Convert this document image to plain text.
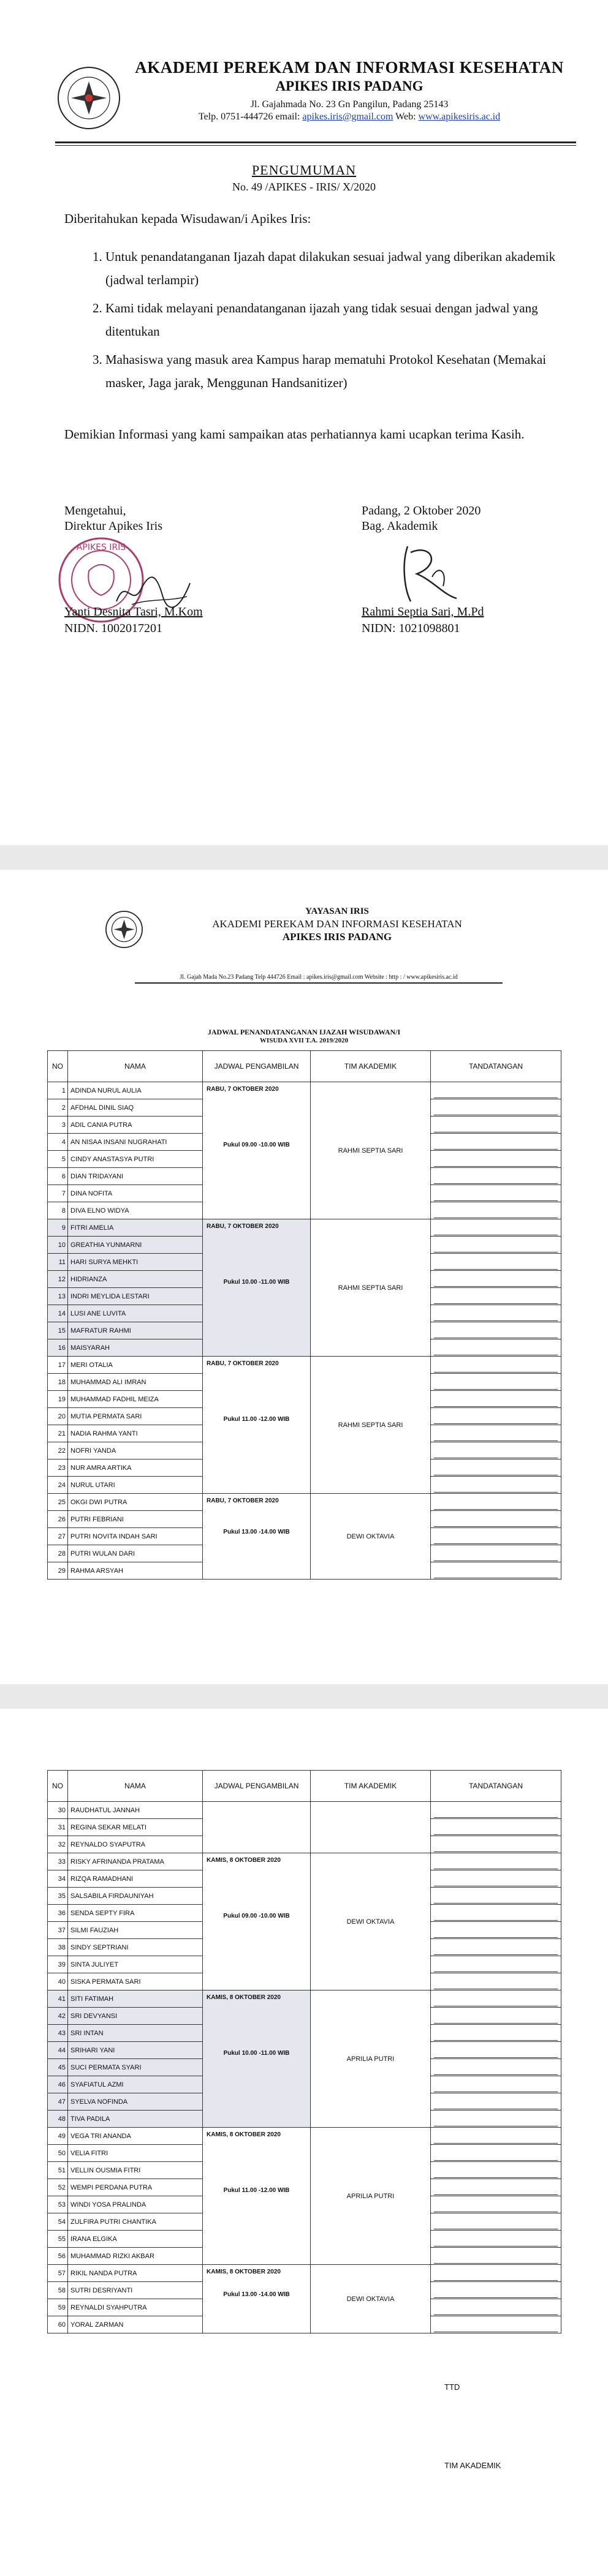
AKADEMI PEREKAM DAN INFORMASI KESEHATAN
APIKES IRIS PADANG
Jl. Gajahmada No. 23 Gn Pangilun, Padang 25143
Telp. 0751-444726 email: apikes.iris@gmail.com Web: www.apikesiris.ac.id
PENGUMUMAN
No. 49 /APIKES - IRIS/ X/2020
Diberitahukan kepada Wisudawan/i Apikes Iris:
1. Untuk penandatanganan Ijazah dapat dilakukan sesuai jadwal yang diberikan akademik (jadwal terlampir)
2. Kami tidak melayani penandatanganan ijazah yang tidak sesuai dengan jadwal yang ditentukan
3. Mahasiswa yang masuk area Kampus harap mematuhi Protokol Kesehatan (Memakai masker, Jaga jarak, Menggunan Handsanitizer)
Demikian Informasi yang kami sampaikan atas perhatiannya kami ucapkan terima Kasih.
Mengetahui,
Direktur Apikes Iris
APIKES IRIS
Yanti Desnita Tasri, M.Kom
NIDN. 1002017201
Padang, 2 Oktober 2020
Bag. Akademik
Rahmi Septia Sari, M.Pd
NIDN: 1021098801
YAYASAN IRIS
AKADEMI PEREKAM DAN INFORMASI KESEHATAN
APIKES IRIS PADANG
Jl. Gajah Mada No.23 Padang Telp 444726 Email : apikes.iris@gmail.com Website : http : / www.apikesiris.ac.id
JADWAL PENANDATANGANAN IJAZAH WISUDAWAN/I
WISUDA XVII T.A. 2019/2020
NO	NAMA	JADWAL PENGAMBILAN	TIM AKADEMIK	TANDATANGAN
1	ADINDA NURUL AULIA	RABU, 7 OKTOBER 2020
Pukul 09.00 -10.00 WIB	RAHMI SEPTIA SARI	

2	AFDHAL DINIL SIAQ			

3	ADIL CANIA PUTRA			

4	AN NISAA INSANI NUGRAHATI			

5	CINDY ANASTASYA PUTRI			

6	DIAN TRIDAYANI			

7	DINA NOFITA			

8	DIVA ELNO WIDYA			

9	FITRI AMELIA	RABU, 7 OKTOBER 2020
Pukul 10.00 -11.00 WIB	RAHMI SEPTIA SARI	

10	GREATHIA YUNMARNI			

11	HARI SURYA MEHKTI			

12	HIDRIANZA			

13	INDRI MEYLIDA LESTARI			

14	LUSI ANE LUVITA			

15	MAFRATUR RAHMI			

16	MAISYARAH			

17	MERI OTALIA	RABU, 7 OKTOBER 2020
Pukul 11.00 -12.00 WIB	RAHMI SEPTIA SARI	

18	MUHAMMAD ALI IMRAN			

19	MUHAMMAD FADHIL MEIZA			

20	MUTIA PERMATA SARI			

21	NADIA RAHMA YANTI			

22	NOFRI YANDA			

23	NUR AMRA ARTIKA			

24	NURUL UTARI			

25	OKGI DWI PUTRA	RABU, 7 OKTOBER 2020
Pukul 13.00 -14.00 WIB	DEWI OKTAVIA	

26	PUTRI FEBRIANI			

27	PUTRI NOVITA INDAH SARI			

28	PUTRI WULAN DARI			

29	RAHMA ARSYAH			
NO	NAMA	JADWAL PENGAMBILAN	TIM AKADEMIK	TANDATANGAN
30	RAUDHATUL JANNAH	

31	REGINA SEKAR MELATI			

32	REYNALDO SYAPUTRA			

33	RISKY AFRINANDA PRATAMA	KAMIS, 8 OKTOBER 2020
Pukul 09.00 -10.00 WIB	DEWI OKTAVIA	

34	RIZQA RAMADHANI			

35	SALSABILA FIRDAUNIYAH			

36	SENDA SEPTY FIRA			

37	SILMI FAUZIAH			

38	SINDY SEPTRIANI			

39	SINTA JULIYET			

40	SISKA PERMATA SARI			

41	SITI FATIMAH	KAMIS, 8 OKTOBER 2020
Pukul 10.00 -11.00 WIB	APRILIA PUTRI	

42	SRI DEVYANSI			

43	SRI INTAN			

44	SRIHARI YANI			

45	SUCI PERMATA SYARI			

46	SYAFIATUL AZMI			

47	SYELVA NOFINDA			

48	TIVA PADILA			

49	VEGA TRI ANANDA	KAMIS, 8 OKTOBER 2020
Pukul 11.00 -12.00 WIB	APRILIA PUTRI	

50	VELIA FITRI			

51	VELLIN OUSMIA FITRI			

52	WEMPI PERDANA PUTRA			

53	WINDI YOSA PRALINDA			

54	ZULFIRA PUTRI CHANTIKA			

55	IRANA ELGIKA			

56	MUHAMMAD RIZKI AKBAR			

57	RIKIL NANDA PUTRA	KAMIS, 8 OKTOBER 2020
Pukul 13.00 -14.00 WIB	DEWI OKTAVIA	

58	SUTRI DESRIYANTI			

59	REYNALDI SYAHPUTRA			

60	YORAL ZARMAN			
TTD
TIM AKADEMIK
